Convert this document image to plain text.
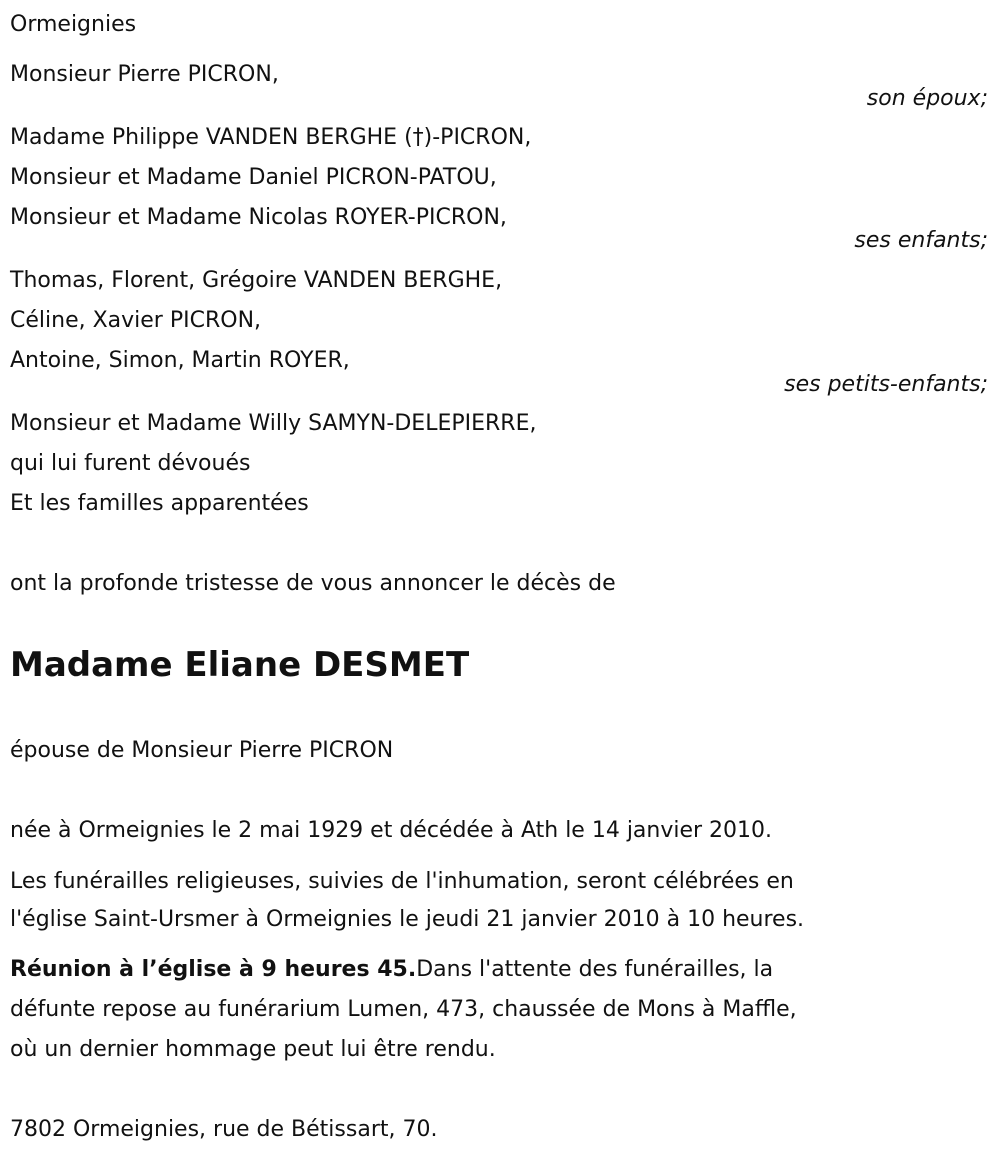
Ormeignies
Monsieur Pierre PICRON,
son époux;
Madame Philippe VANDEN BERGHE (†)-PICRON,
Monsieur et Madame Daniel PICRON-PATOU,
Monsieur et Madame Nicolas ROYER-PICRON,
ses enfants;
Thomas, Florent, Grégoire VANDEN BERGHE,
Céline, Xavier PICRON,
Antoine, Simon, Martin ROYER,
ses petits-enfants;
Monsieur et Madame Willy SAMYN-DELEPIERRE,
qui lui furent dévoués
Et les familles apparentées
ont la profonde tristesse de vous annoncer le décès de
Madame Eliane DESMET
épouse de Monsieur Pierre PICRON
née à Ormeignies le 2 mai 1929 et décédée à Ath le 14 janvier 2010.
Les funérailles religieuses, suivies de l'inhumation, seront célébrées en
l'église Saint-Ursmer à Ormeignies le jeudi 21 janvier 2010 à 10 heures.
Réunion à l’église à 9 heures 45.Dans l'attente des funérailles, la
défunte repose au funérarium Lumen, 473, chaussée de Mons à Maffle,
où un dernier hommage peut lui être rendu.
7802 Ormeignies, rue de Bétissart, 70.
